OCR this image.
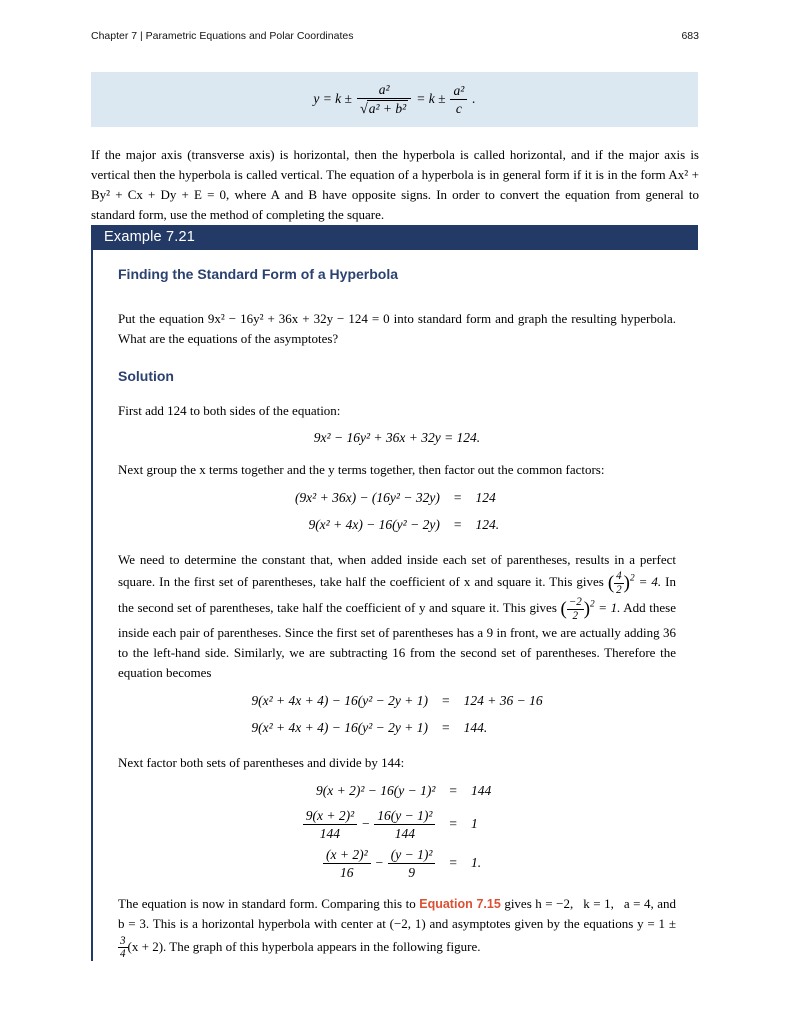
Chapter 7 | Parametric Equations and Polar Coordinates	683
$y = k \pm \frac{\text{a²}}{\text{√a² + b²}} = k \pm \frac{\text{a²}}{c}$ .

If the major axis (transverse axis) is horizontal, then the hyperbola is called horizontal, and if the major axis is vertical then the hyperbola is called vertical. The equation of a hyperbola is in general form if it is in the form Ax² + By² + Cx + Dy + E = 0, where A and B have opposite signs. In order to convert the equation from general to standard form, use the method of completing the square.

Example 7.21
Finding the Standard Form of a Hyperbola

Put the equation 9x² − 16y² + 36x + 32y − 124 = 0 into standard form and graph the resulting hyperbola. What are the equations of the asymptotes?

Solution

First add 124 to both sides of the equation:

9x² − 16y² + 36x + 32y = 124.

Next group the x terms together and the y terms together, then factor out the common factors:

(9x² + 36x) − (16y² − 32y)	=	124
9(x² + 4x) − 16(y² − 2y)	=	124.

We need to determine the constant that, when added inside each set of parentheses, results in a perfect square. In the first set of parentheses, take half the coefficient of x and square it. This gives ( $\frac{4}{2} )^2 = 4$. In the second set of parentheses, take half the coefficient of y and square it. This gives ( $\frac{-2}{2} )^2 = 1$. Add these inside each pair of parentheses. Since the first set of parentheses has a 9 in front, we are actually adding 36 to the left-hand side. Similarly, we are subtracting 16 from the second set of parentheses. Therefore the equation becomes

9(x² + 4x + 4) − 16(y² − 2y + 1)	=	124 + 36 − 16
9(x² + 4x + 4) − 16(y² − 2y + 1)	=	144.

Next factor both sets of parentheses and divide by 144:

9(x + 2)² − 16(y − 1)²	=	144

$\frac{\text{9(x + 2)²}}{144} - \frac{\text{16(y − 1)²}}{144}$	=	1

$\frac{\text{(x + 2)²}}{16} - \frac{\text{(y − 1)²}}{9}$	=	1.

The equation is now in standard form. Comparing this to Equation 7.15 gives h = −2,  k = 1,  a = 4, and b = 3. This is a horizontal hyperbola with center at (−2, 1) and asymptotes given by the equations y = 1 ±
$\frac{3}{4} (x + 2)$. The graph of this hyperbola appears in the following figure.
